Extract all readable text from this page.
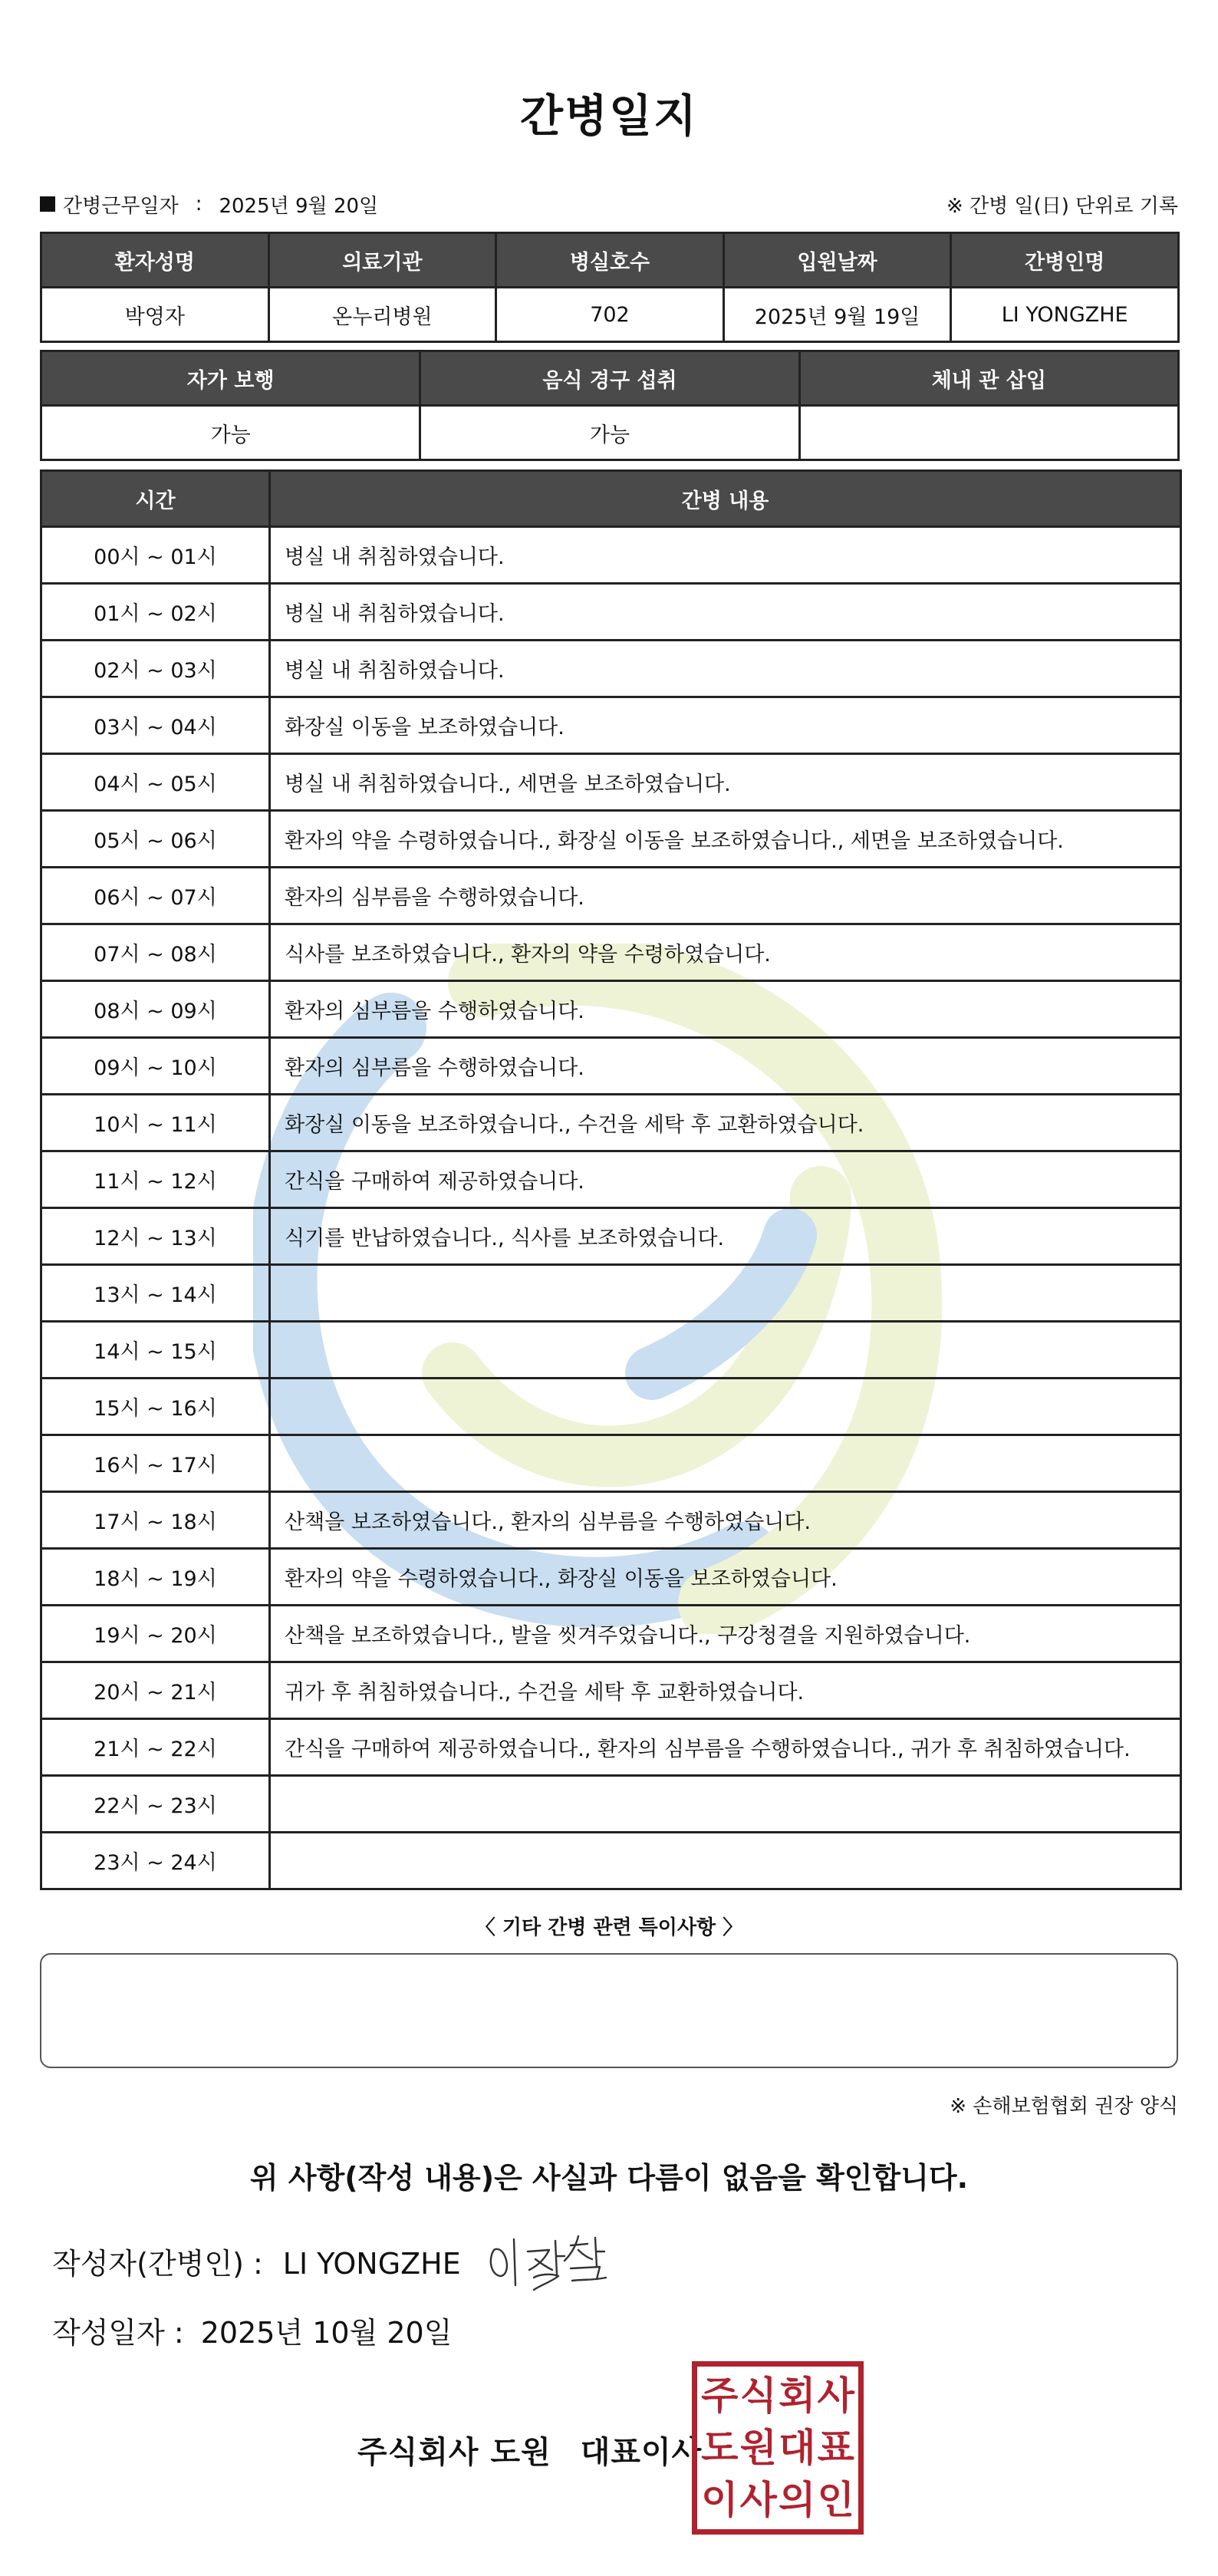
간병일지
간병근무일자 : 2025년 9월 20일	※ 간병 일(日) 단위로 기록
환자성명	의료기관	병실호수	입원날짜	간병인명
박영자	온누리병원	702	2025년 9월 19일	LI YONGZHE
자가 보행	음식 경구 섭취	체내 관 삽입
가능	가능	
시간	간병 내용
00시 ~ 01시	병실 내 취침하였습니다.
01시 ~ 02시	병실 내 취침하였습니다.
02시 ~ 03시	병실 내 취침하였습니다.
03시 ~ 04시	화장실 이동을 보조하였습니다.
04시 ~ 05시	병실 내 취침하였습니다., 세면을 보조하였습니다.
05시 ~ 06시	환자의 약을 수령하였습니다., 화장실 이동을 보조하였습니다., 세면을 보조하였습니다.
06시 ~ 07시	환자의 심부름을 수행하였습니다.
07시 ~ 08시	식사를 보조하였습니다., 환자의 약을 수령하였습니다.
08시 ~ 09시	환자의 심부름을 수행하였습니다.
09시 ~ 10시	환자의 심부름을 수행하였습니다.
10시 ~ 11시	화장실 이동을 보조하였습니다., 수건을 세탁 후 교환하였습니다.
11시 ~ 12시	간식을 구매하여 제공하였습니다.
12시 ~ 13시	식기를 반납하였습니다., 식사를 보조하였습니다.
13시 ~ 14시	
14시 ~ 15시	
15시 ~ 16시	
16시 ~ 17시	
17시 ~ 18시	산책을 보조하였습니다., 환자의 심부름을 수행하였습니다.
18시 ~ 19시	환자의 약을 수령하였습니다., 화장실 이동을 보조하였습니다.
19시 ~ 20시	산책을 보조하였습니다., 발을 씻겨주었습니다., 구강청결을 지원하였습니다.
20시 ~ 21시	귀가 후 취침하였습니다., 수건을 세탁 후 교환하였습니다.
21시 ~ 22시	간식을 구매하여 제공하였습니다., 환자의 심부름을 수행하였습니다., 귀가 후 취침하였습니다.
22시 ~ 23시	
23시 ~ 24시	
〈 기타 간병 관련 특이사항 〉
※ 손해보험협회 권장 양식
위 사항(작성 내용)은 사실과 다름이 없음을 확인합니다.
작성자(간병인) : LI YONGZHE
작성일자 : 2025년 10월 20일
주식회사 도원 대표이사
주 식 회 사
도 원 대 표
이 사 의 인
